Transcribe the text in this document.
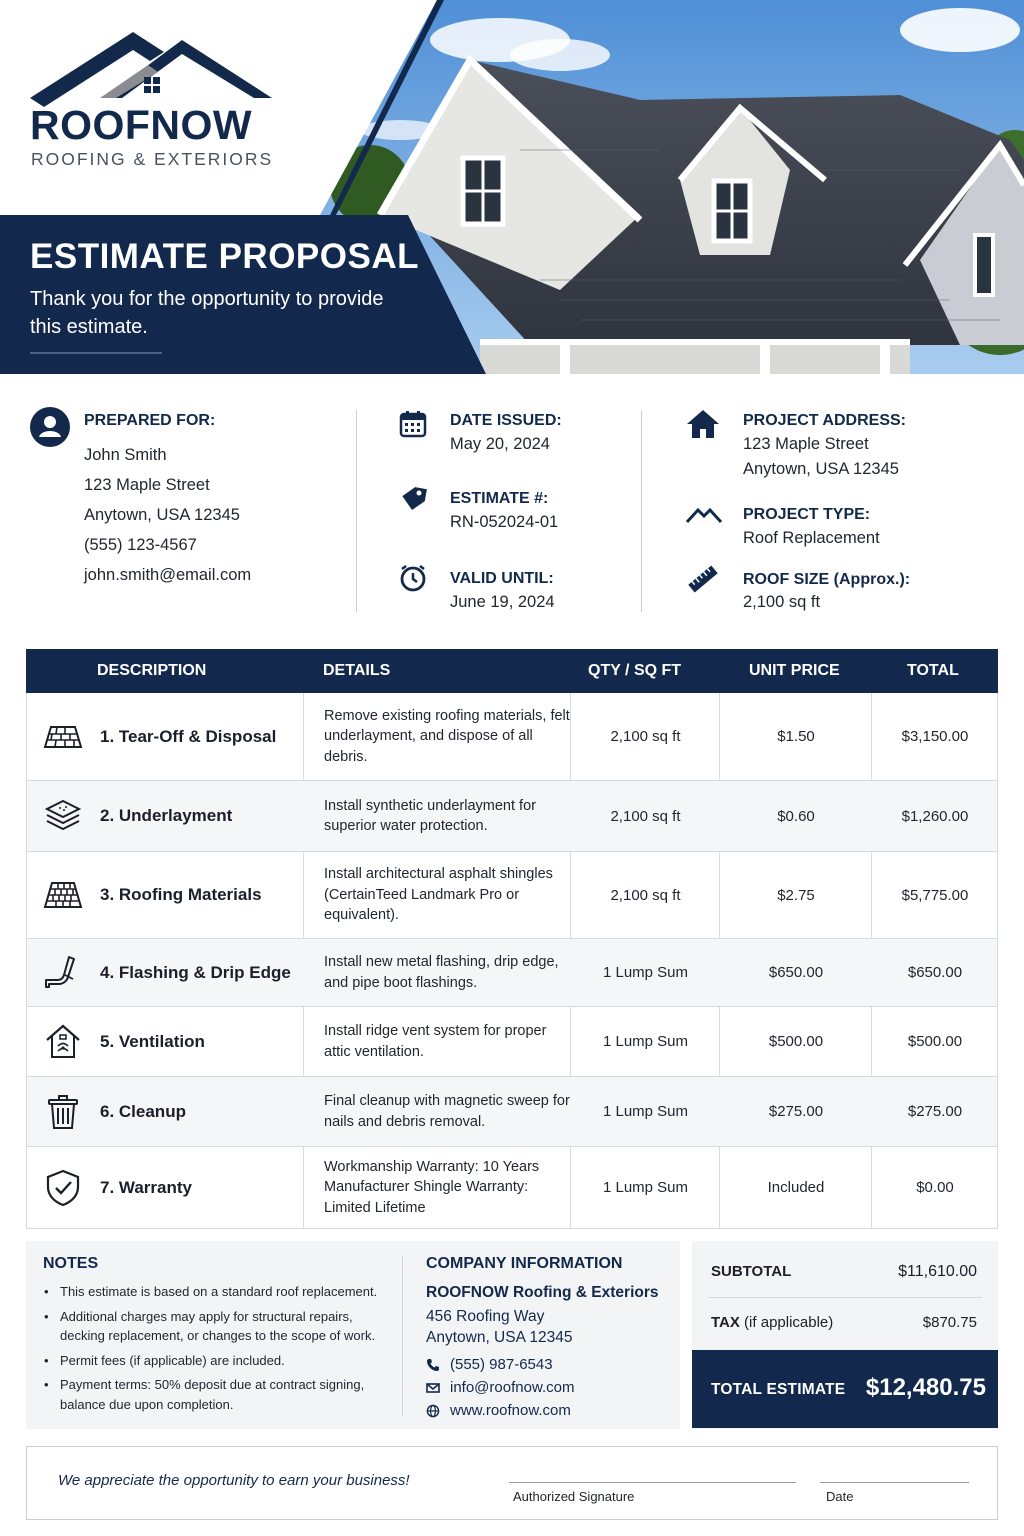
ROOFNOW
ROOFING & EXTERIORS
ESTIMATE PROPOSAL
Thank you for the opportunity to provide this estimate.
PREPARED FOR:
John Smith
123 Maple Street
Anytown, USA 12345
(555) 123-4567
john.smith@email.com
DATE ISSUED:
May 20, 2024
ESTIMATE #:
RN-052024-01
VALID UNTIL:
June 19, 2024
PROJECT ADDRESS:
123 Maple Street
Anytown, USA 12345
PROJECT TYPE:
Roof Replacement
ROOF SIZE (Approx.):
2,100 sq ft
DESCRIPTION	DETAILS	QTY / SQ FT	UNIT PRICE	TOTAL
1. Tear-Off & Disposal
Remove existing roofing materials, felt underlayment, and dispose of all debris.
2,100 sq ft	$1.50	$3,150.00
2. Underlayment
Install synthetic underlayment for superior water protection.
2,100 sq ft	$0.60	$1,260.00
3. Roofing Materials
Install architectural asphalt shingles (CertainTeed Landmark Pro or equivalent).
2,100 sq ft	$2.75	$5,775.00
4. Flashing & Drip Edge
Install new metal flashing, drip edge, and pipe boot flashings.
1 Lump Sum	$650.00	$650.00
5. Ventilation
Install ridge vent system for proper attic ventilation.
1 Lump Sum	$500.00	$500.00
6. Cleanup
Final cleanup with magnetic sweep for nails and debris removal.
1 Lump Sum	$275.00	$275.00
7. Warranty
Workmanship Warranty: 10 Years Manufacturer Shingle Warranty: Limited Lifetime
1 Lump Sum	Included	$0.00
NOTES
• This estimate is based on a standard roof replacement.
• Additional charges may apply for structural repairs, decking replacement, or changes to the scope of work.
• Permit fees (if applicable) are included.
• Payment terms: 50% deposit due at contract signing, balance due upon completion.
COMPANY INFORMATION
ROOFNOW Roofing & Exteriors
456 Roofing Way
Anytown, USA 12345
(555) 987-6543
info@roofnow.com
www.roofnow.com
SUBTOTAL	$11,610.00
TAX (if applicable)	$870.75
TOTAL ESTIMATE $12,480.75
We appreciate the opportunity to earn your business!
Authorized Signature	Date
